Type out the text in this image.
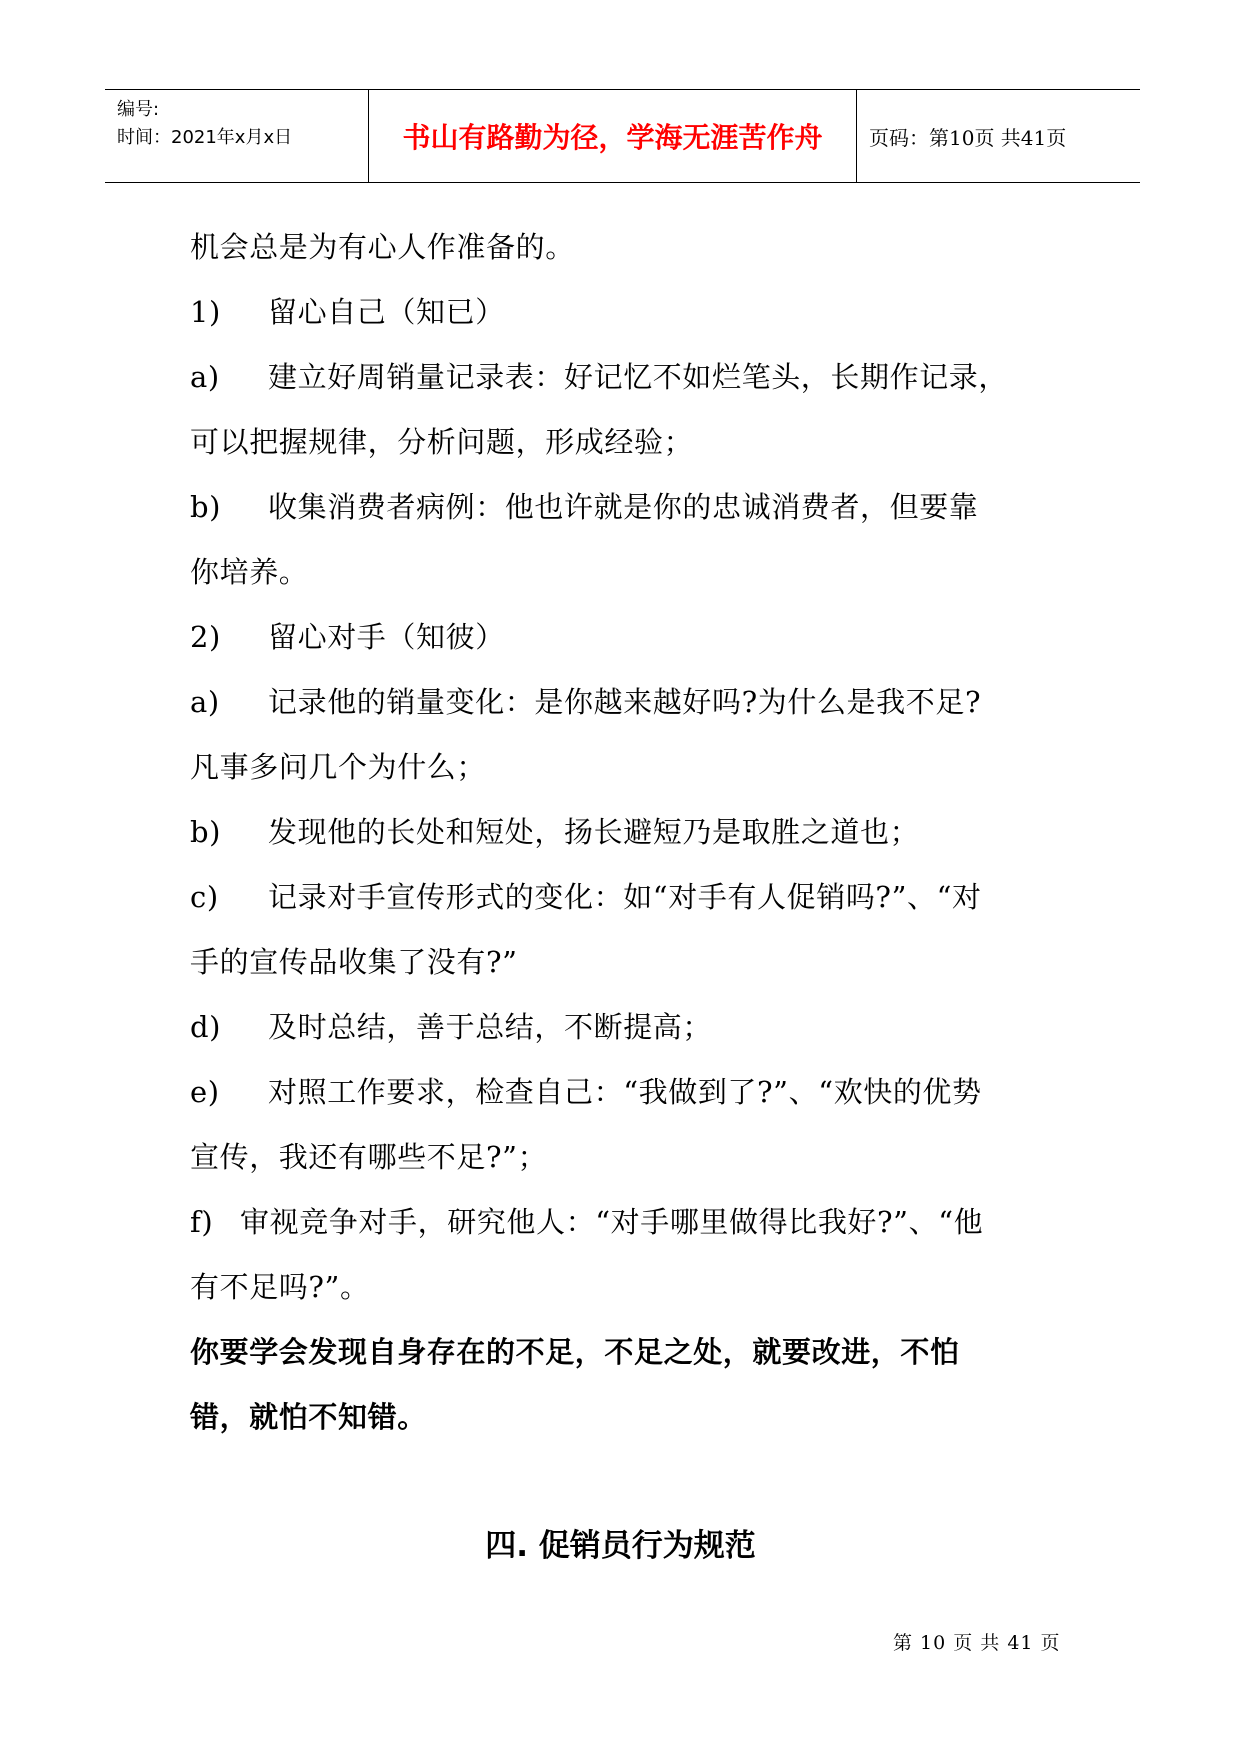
编号:
时间：2021年x月x日	书山有路勤为径，学海无涯苦作舟	页码：第10页 共41页
机会总是为有心人作准备的。
1)	留心自己（知已）
a)	建立好周销量记录表：好记忆不如烂笔头，长期作记录，
可以把握规律，分析问题，形成经验；
b)	收集消费者病例：他也许就是你的忠诚消费者，但要靠
你培养。
2)	留心对手（知彼）
a)	记录他的销量变化：是你越来越好吗?为什么是我不足?
凡事多问几个为什么；
b)	发现他的长处和短处，扬长避短乃是取胜之道也；
c)	记录对手宣传形式的变化：如“对手有人促销吗?”、“对
手的宣传品收集了没有?”
d)	及时总结，善于总结，不断提高；
e)	对照工作要求，检查自己：“我做到了?”、“欢快的优势
宣传，我还有哪些不足?”；
f) 审视竞争对手，研究他人：“对手哪里做得比我好?”、“他
有不足吗?”。
你要学会发现自身存在的不足，不足之处，就要改进，不怕
错，就怕不知错。
四. 促销员行为规范
第 10 页 共 41 页
